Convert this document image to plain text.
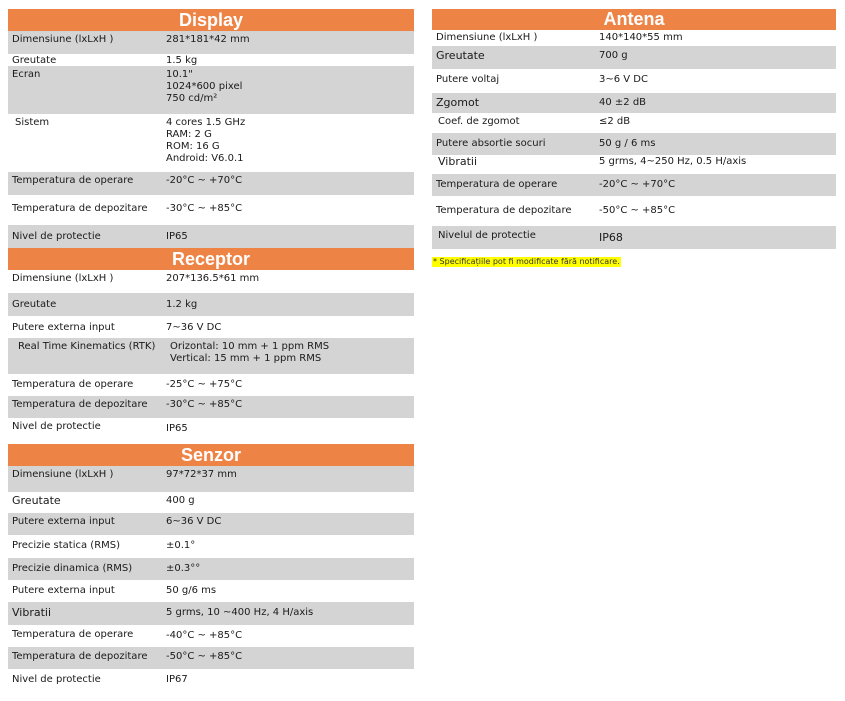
Display
Dimensiune (lxLxH )	281*181*42 mm
Greutate	1.5 kg
Ecran	10.1"
1024*600 pixel
750 cd/m²
Sistem	4 cores 1.5 GHz
RAM: 2 G
ROM: 16 G
Android: V6.0.1
Temperatura de operare	-20°C ~ +70°C
Temperatura de depozitare	-30°C ~ +85°C
Nivel de protectie	IP65
Receptor
Dimensiune (lxLxH )	207*136.5*61 mm
Greutate	1.2 kg
Putere externa input	7~36 V DC
Real Time Kinematics (RTK)	Orizontal: 10 mm + 1 ppm RMS
Vertical: 15 mm + 1 ppm RMS
Temperatura de operare	-25°C ~ +75°C
Temperatura de depozitare	-30°C ~ +85°C
Nivel de protectie	IP65
Senzor
Dimensiune (lxLxH )	97*72*37 mm
Greutate	400 g
Putere externa input	6~36 V DC
Precizie statica (RMS)	±0.1°
Precizie dinamica (RMS)	±0.3°°
Putere externa input	50 g/6 ms
Vibratii	5 grms, 10 ~400 Hz, 4 H/axis
Temperatura de operare	-40°C ~ +85°C
Temperatura de depozitare	-50°C ~ +85°C
Nivel de protectie	IP67
Antena
Dimensiune (lxLxH )	140*140*55 mm
Greutate	700 g
Putere voltaj	3~6 V DC
Zgomot	40 ±2 dB
Coef. de zgomot	≤2 dB
Putere absortie socuri	50 g / 6 ms
Vibratii	5 grms, 4~250 Hz, 0.5 H/axis
Temperatura de operare	-20°C ~ +70°C
Temperatura de depozitare	-50°C ~ +85°C
Nivelul de protectie	IP68
* Specificațiile pot fi modificate fără notificare.
